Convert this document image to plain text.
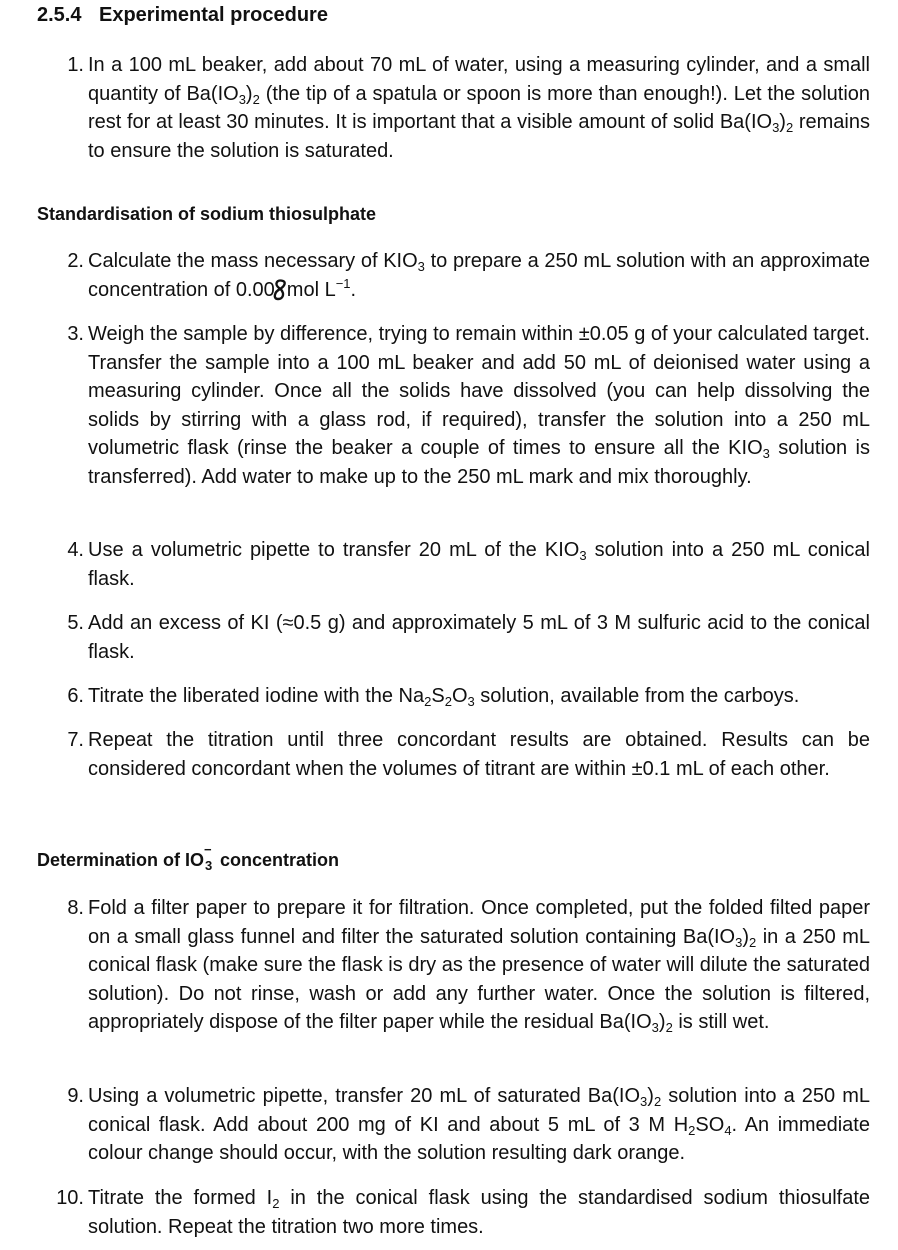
2.5.4 Experimental procedure
1. In a 100 mL beaker, add about 70 mL of water, using a measuring cylinder, and a small quantity of $Ba(IO_3)_2$ (the tip of a spatula or spoon is more than enough!). Let the solution rest for at least 30 minutes. It is important that a visible amount of solid $Ba(IO_3)_2$ remains to ensure the solution is saturated.
Standardisation of sodium thiosulphate
2. Calculate the mass necessary of $KIO_3$ to prepare a 250 mL solution with an approximate concentration of 0.00 mol $L^{-1}$.
3. Weigh the sample by difference, trying to remain within ±0.05 g of your calculated target. Transfer the sample into a 100 mL beaker and add 50 mL of deionised water using a measuring cylinder. Once all the solids have dissolved (you can help dissolving the solids by stirring with a glass rod, if required), transfer the solution into a 250 mL volumetric flask (rinse the beaker a couple of times to ensure all the $KIO_3$ solution is transferred). Add water to make up to the 250 mL mark and mix thoroughly.
4. Use a volumetric pipette to transfer 20 mL of the $KIO_3$ solution into a 250 mL conical flask.
5. Add an excess of KI (≈0.5 g) and approximately 5 mL of 3 M sulfuric acid to the conical flask.
6. Titrate the liberated iodine with the $Na_2S_2O_3$ solution, available from the carboys.
7. Repeat the titration until three concordant results are obtained. Results can be considered concordant when the volumes of titrant are within ±0.1 mL of each other.
Determination of IO
−
3 concentration
8. Fold a filter paper to prepare it for filtration. Once completed, put the folded filted paper on a small glass funnel and filter the saturated solution containing $Ba(IO_3)_2$ in a 250 mL conical flask (make sure the flask is dry as the presence of water will dilute the saturated solution). Do not rinse, wash or add any further water. Once the solution is filtered, appropriately dispose of the filter paper while the residual $Ba(IO_3)_2$ is still wet.
9. Using a volumetric pipette, transfer 20 mL of saturated $Ba(IO_3)_2$ solution into a 250 mL conical flask. Add about 200 mg of KI and about 5 mL of 3 M $H_2SO_4$. An immediate colour change should occur, with the solution resulting dark orange.
10. Titrate the formed $I_2$ in the conical flask using the standardised sodium thiosulfate solution. Repeat the titration two more times.
